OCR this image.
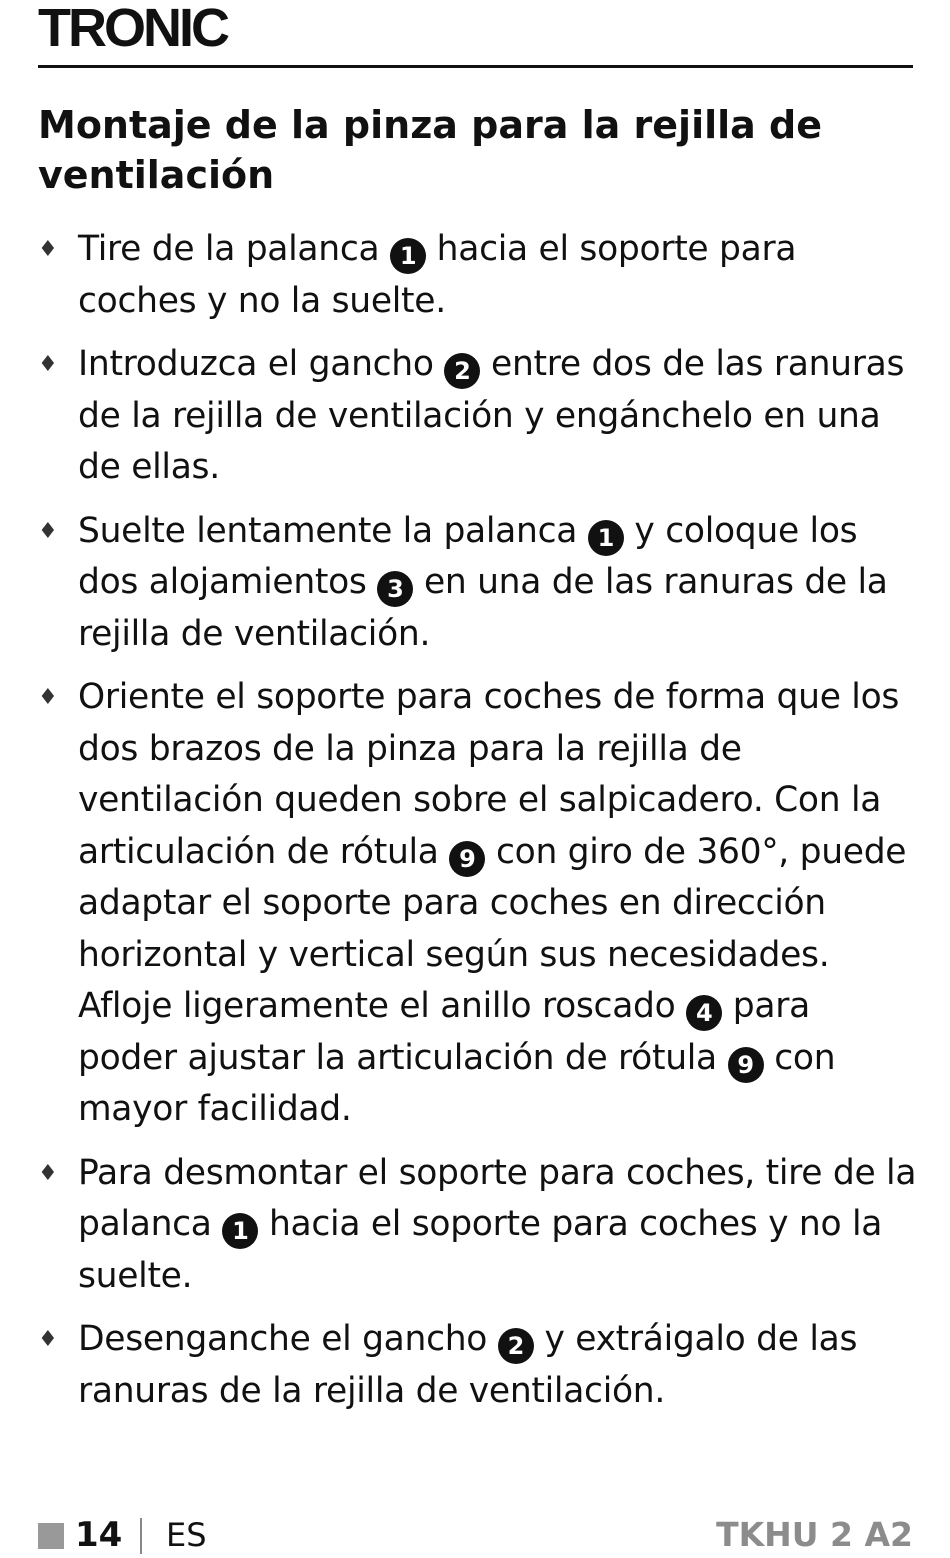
TRONIC
Montaje de la pinza para la rejilla de ventilación
♦ Tire de la palanca 1 hacia el soporte para coches y no la suelte.
♦ Introduzca el gancho 2 entre dos de las ranuras de la rejilla de ventilación y engánchelo en una de ellas.
♦ Suelte lentamente la palanca 1 y coloque los dos alojamientos 3 en una de las ranuras de la rejilla de ventilación.
♦ Oriente el soporte para coches de forma que los dos brazos de la pinza para la rejilla de ventilación queden sobre el salpicadero. Con la articulación de rótula 9 con giro de 360°, puede adaptar el soporte para coches en dirección horizontal y vertical según sus necesidades. Afloje ligeramente el anillo roscado 4 para poder ajustar la articulación de rótula 9 con mayor facilidad.
♦ Para desmontar el soporte para coches, tire de la palanca 1 hacia el soporte para coches y no la suelte.
♦ Desenganche el gancho 2 y extráigalo de las ranuras de la rejilla de ventilación.
14 ES	TKHU 2 A2
